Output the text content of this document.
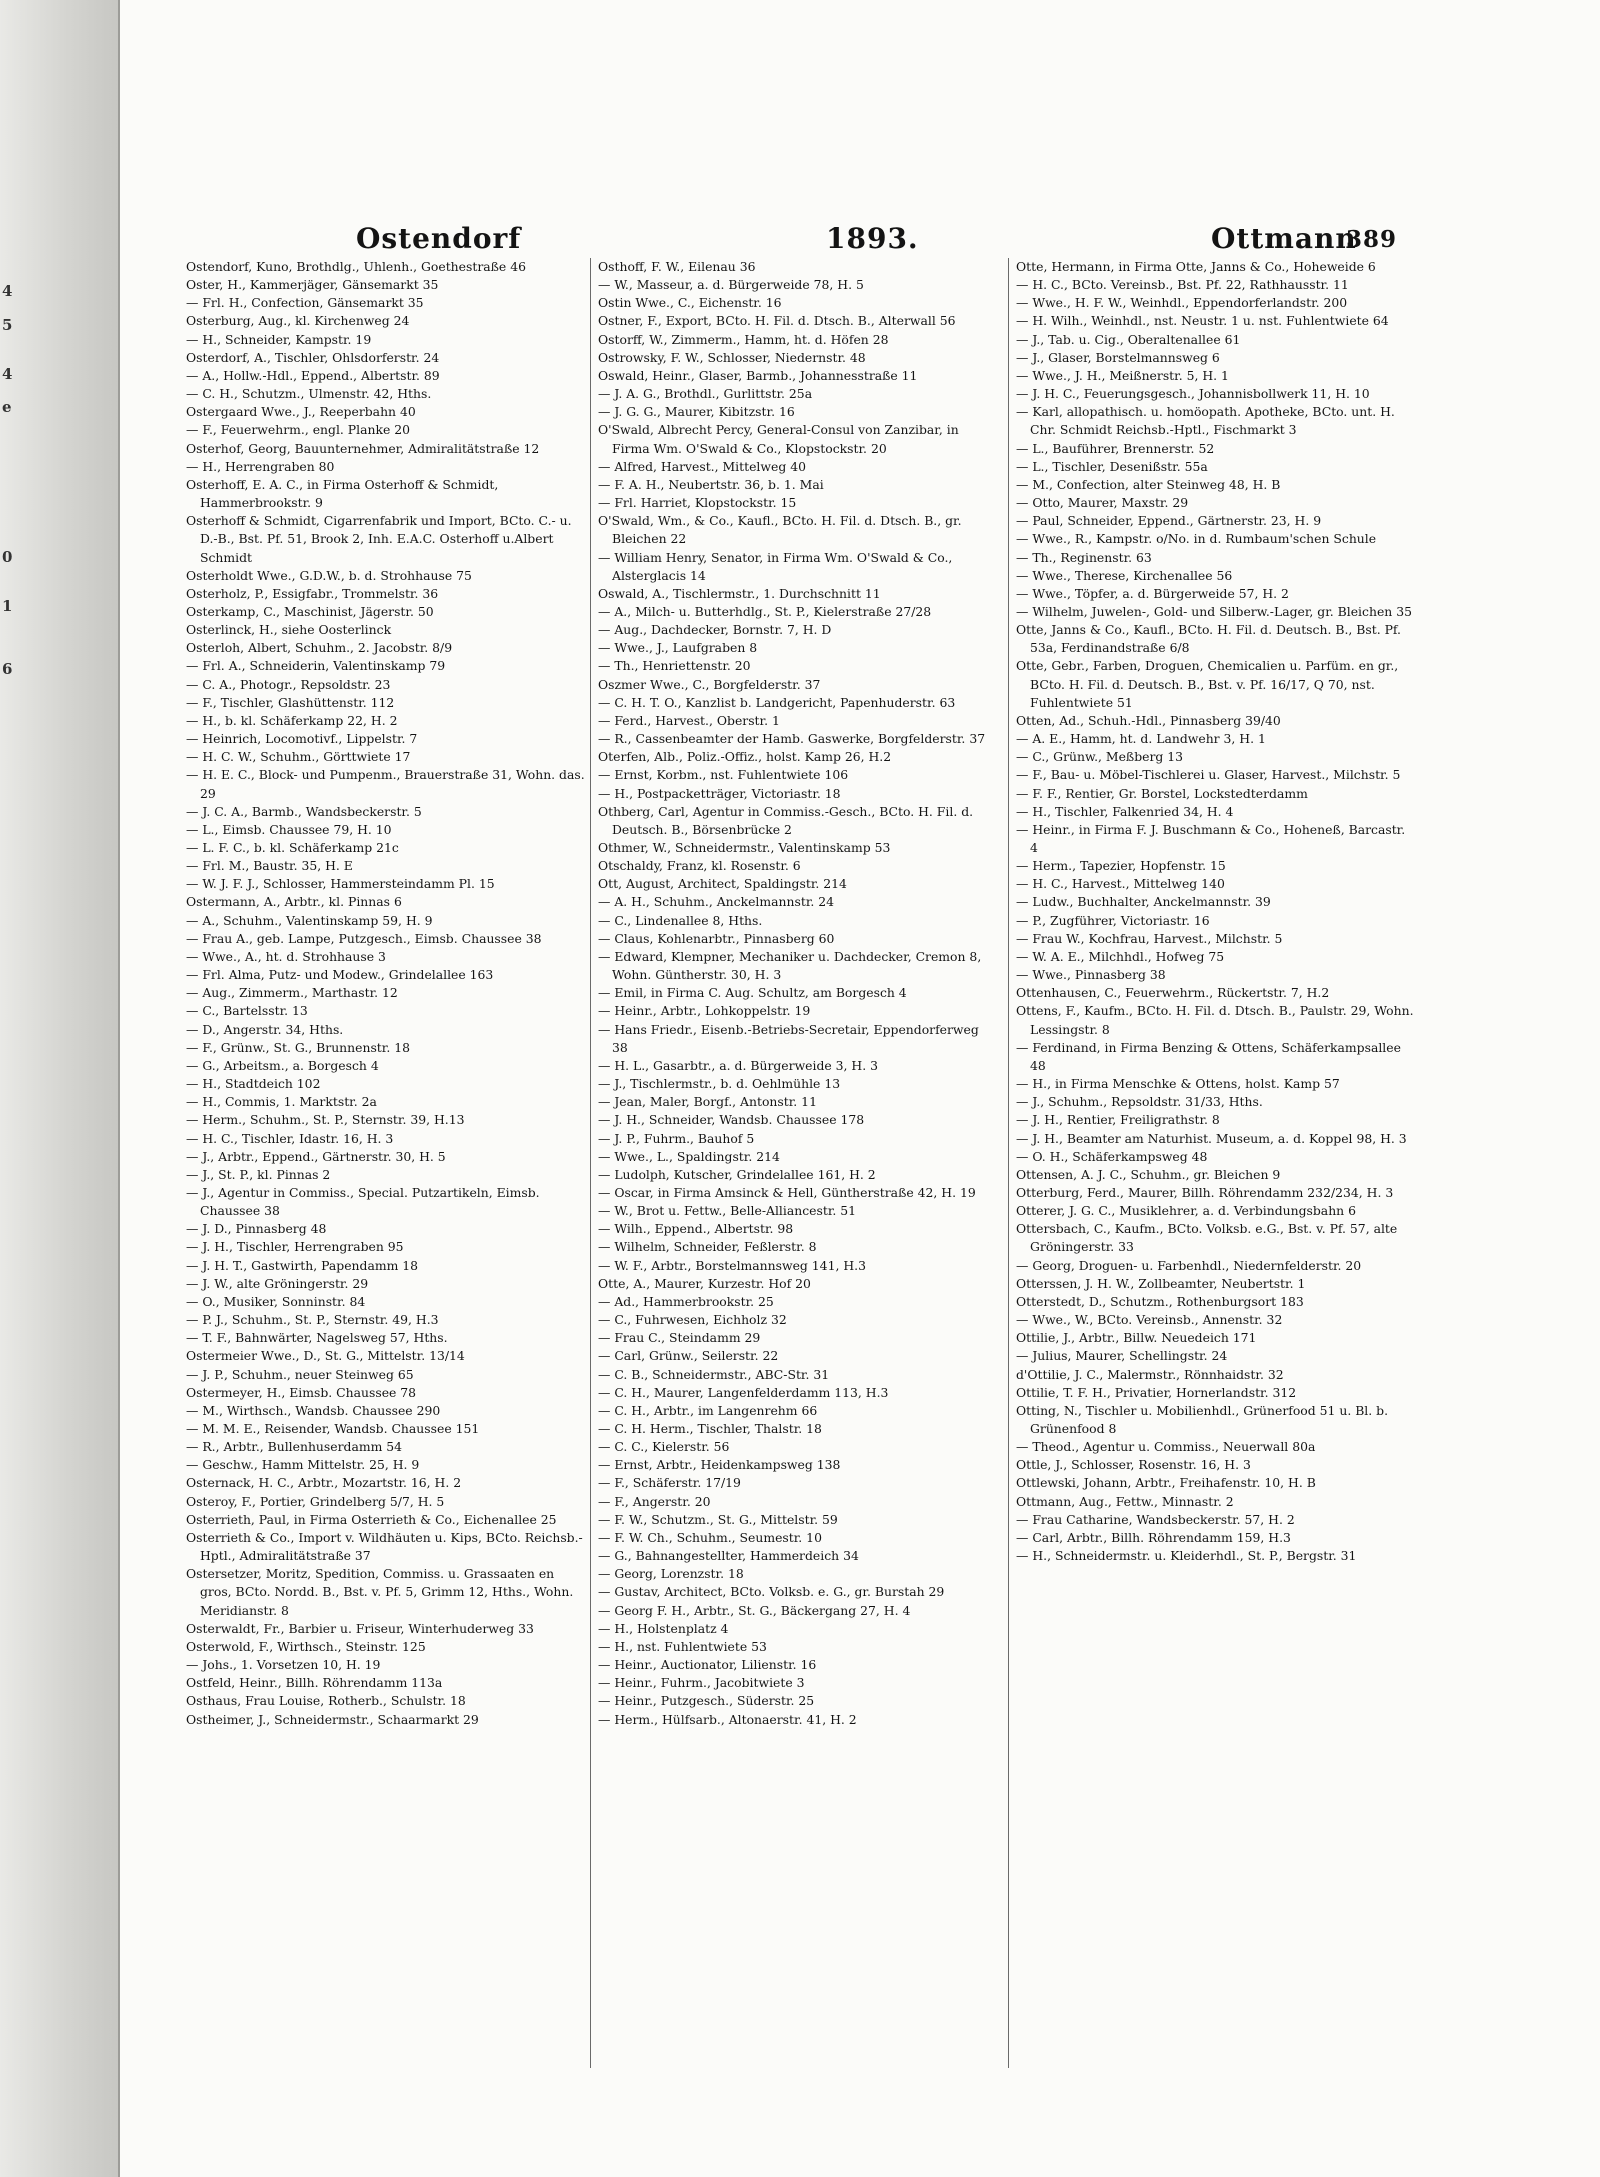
4
5
4
e
0
1
6
Ostendorf	1893.	Ottmann
389
Ostendorf, Kuno, Brothdlg., Uhlenh., Goethestraße 46
Oster, H., Kammerjäger, Gänsemarkt 35
— Frl. H., Confection, Gänsemarkt 35
Osterburg, Aug., kl. Kirchenweg 24
— H., Schneider, Kampstr. 19
Osterdorf, A., Tischler, Ohlsdorferstr. 24
— A., Hollw.-Hdl., Eppend., Albertstr. 89
— C. H., Schutzm., Ulmenstr. 42, Hths.
Ostergaard Wwe., J., Reeperbahn 40
— F., Feuerwehrm., engl. Planke 20
Osterhof, Georg, Bauunternehmer, Admiralitätstraße 12
— H., Herrengraben 80
Osterhoff, E. A. C., in Firma Osterhoff & Schmidt, Hammerbrookstr. 9
Osterhoff & Schmidt, Cigarrenfabrik und Import, BCto. C.- u. D.-B., Bst. Pf. 51, Brook 2, Inh. E.A.C. Osterhoff u.Albert Schmidt
Osterholdt Wwe., G.D.W., b. d. Strohhause 75
Osterholz, P., Essigfabr., Trommelstr. 36
Osterkamp, C., Maschinist, Jägerstr. 50
Osterlinck, H., siehe Oosterlinck
Osterloh, Albert, Schuhm., 2. Jacobstr. 8/9
— Frl. A., Schneiderin, Valentinskamp 79
— C. A., Photogr., Repsoldstr. 23
— F., Tischler, Glashüttenstr. 112
— H., b. kl. Schäferkamp 22, H. 2
— Heinrich, Locomotivf., Lippelstr. 7
— H. C. W., Schuhm., Görttwiete 17
— H. E. C., Block- und Pumpenm., Brauerstraße 31, Wohn. das. 29
— J. C. A., Barmb., Wandsbeckerstr. 5
— L., Eimsb. Chaussee 79, H. 10
— L. F. C., b. kl. Schäferkamp 21c
— Frl. M., Baustr. 35, H. E
— W. J. F. J., Schlosser, Hammersteindamm Pl. 15
Ostermann, A., Arbtr., kl. Pinnas 6
— A., Schuhm., Valentinskamp 59, H. 9
— Frau A., geb. Lampe, Putzgesch., Eimsb. Chaussee 38
— Wwe., A., ht. d. Strohhause 3
— Frl. Alma, Putz- und Modew., Grindelallee 163
— Aug., Zimmerm., Marthastr. 12
— C., Bartelsstr. 13
— D., Angerstr. 34, Hths.
— F., Grünw., St. G., Brunnenstr. 18
— G., Arbeitsm., a. Borgesch 4
— H., Stadtdeich 102
— H., Commis, 1. Marktstr. 2a
— Herm., Schuhm., St. P., Sternstr. 39, H.13
— H. C., Tischler, Idastr. 16, H. 3
— J., Arbtr., Eppend., Gärtnerstr. 30, H. 5
— J., St. P., kl. Pinnas 2
— J., Agentur in Commiss., Special. Putzartikeln, Eimsb. Chaussee 38
— J. D., Pinnasberg 48
— J. H., Tischler, Herrengraben 95
— J. H. T., Gastwirth, Papendamm 18
— J. W., alte Gröningerstr. 29
— O., Musiker, Sonninstr. 84
— P. J., Schuhm., St. P., Sternstr. 49, H.3
— T. F., Bahnwärter, Nagelsweg 57, Hths.
Ostermeier Wwe., D., St. G., Mittelstr. 13/14
— J. P., Schuhm., neuer Steinweg 65
Ostermeyer, H., Eimsb. Chaussee 78
— M., Wirthsch., Wandsb. Chaussee 290
— M. M. E., Reisender, Wandsb. Chaussee 151
— R., Arbtr., Bullenhuserdamm 54
— Geschw., Hamm Mittelstr. 25, H. 9
Osternack, H. C., Arbtr., Mozartstr. 16, H. 2
Osteroy, F., Portier, Grindelberg 5/7, H. 5
Osterrieth, Paul, in Firma Osterrieth & Co., Eichenallee 25
Osterrieth & Co., Import v. Wildhäuten u. Kips, BCto. Reichsb.-Hptl., Admiralitätstraße 37
Ostersetzer, Moritz, Spedition, Commiss. u. Grassaaten en gros, BCto. Nordd. B., Bst. v. Pf. 5, Grimm 12, Hths., Wohn. Meridianstr. 8
Osterwaldt, Fr., Barbier u. Friseur, Winterhuderweg 33
Osterwold, F., Wirthsch., Steinstr. 125
— Johs., 1. Vorsetzen 10, H. 19
Ostfeld, Heinr., Billh. Röhrendamm 113a
Osthaus, Frau Louise, Rotherb., Schulstr. 18
Ostheimer, J., Schneidermstr., Schaarmarkt 29
Osthoff, F. W., Eilenau 36
— W., Masseur, a. d. Bürgerweide 78, H. 5
Ostin Wwe., C., Eichenstr. 16
Ostner, F., Export, BCto. H. Fil. d. Dtsch. B., Alterwall 56
Ostorff, W., Zimmerm., Hamm, ht. d. Höfen 28
Ostrowsky, F. W., Schlosser, Niedernstr. 48
Oswald, Heinr., Glaser, Barmb., Johannesstraße 11
— J. A. G., Brothdl., Gurlittstr. 25a
— J. G. G., Maurer, Kibitzstr. 16
O'Swald, Albrecht Percy, General-Consul von Zanzibar, in Firma Wm. O'Swald & Co., Klopstockstr. 20
— Alfred, Harvest., Mittelweg 40
— F. A. H., Neubertstr. 36, b. 1. Mai
— Frl. Harriet, Klopstockstr. 15
O'Swald, Wm., & Co., Kaufl., BCto. H. Fil. d. Dtsch. B., gr. Bleichen 22
— William Henry, Senator, in Firma Wm. O'Swald & Co., Alsterglacis 14
Oswald, A., Tischlermstr., 1. Durchschnitt 11
— A., Milch- u. Butterhdlg., St. P., Kielerstraße 27/28
— Aug., Dachdecker, Bornstr. 7, H. D
— Wwe., J., Laufgraben 8
— Th., Henriettenstr. 20
Oszmer Wwe., C., Borgfelderstr. 37
— C. H. T. O., Kanzlist b. Landgericht, Papenhuderstr. 63
— Ferd., Harvest., Oberstr. 1
— R., Cassenbeamter der Hamb. Gaswerke, Borgfelderstr. 37
Oterfen, Alb., Poliz.-Offiz., holst. Kamp 26, H.2
— Ernst, Korbm., nst. Fuhlentwiete 106
— H., Postpacketträger, Victoriastr. 18
Othberg, Carl, Agentur in Commiss.-Gesch., BCto. H. Fil. d. Deutsch. B., Börsenbrücke 2
Othmer, W., Schneidermstr., Valentinskamp 53
Otschaldy, Franz, kl. Rosenstr. 6
Ott, August, Architect, Spaldingstr. 214
— A. H., Schuhm., Anckelmannstr. 24
— C., Lindenallee 8, Hths.
— Claus, Kohlenarbtr., Pinnasberg 60
— Edward, Klempner, Mechaniker u. Dachdecker, Cremon 8, Wohn. Güntherstr. 30, H. 3
— Emil, in Firma C. Aug. Schultz, am Borgesch 4
— Heinr., Arbtr., Lohkoppelstr. 19
— Hans Friedr., Eisenb.-Betriebs-Secretair, Eppendorferweg 38
— H. L., Gasarbtr., a. d. Bürgerweide 3, H. 3
— J., Tischlermstr., b. d. Oehlmühle 13
— Jean, Maler, Borgf., Antonstr. 11
— J. H., Schneider, Wandsb. Chaussee 178
— J. P., Fuhrm., Bauhof 5
— Wwe., L., Spaldingstr. 214
— Ludolph, Kutscher, Grindelallee 161, H. 2
— Oscar, in Firma Amsinck & Hell, Güntherstraße 42, H. 19
— W., Brot u. Fettw., Belle-Alliancestr. 51
— Wilh., Eppend., Albertstr. 98
— Wilhelm, Schneider, Feßlerstr. 8
— W. F., Arbtr., Borstelmannsweg 141, H.3
Otte, A., Maurer, Kurzestr. Hof 20
— Ad., Hammerbrookstr. 25
— C., Fuhrwesen, Eichholz 32
— Frau C., Steindamm 29
— Carl, Grünw., Seilerstr. 22
— C. B., Schneidermstr., ABC-Str. 31
— C. H., Maurer, Langenfelderdamm 113, H.3
— C. H., Arbtr., im Langenrehm 66
— C. H. Herm., Tischler, Thalstr. 18
— C. C., Kielerstr. 56
— Ernst, Arbtr., Heidenkampsweg 138
— F., Schäferstr. 17/19
— F., Angerstr. 20
— F. W., Schutzm., St. G., Mittelstr. 59
— F. W. Ch., Schuhm., Seumestr. 10
— G., Bahnangestellter, Hammerdeich 34
— Georg, Lorenzstr. 18
— Gustav, Architect, BCto. Volksb. e. G., gr. Burstah 29
— Georg F. H., Arbtr., St. G., Bäckergang 27, H. 4
— H., Holstenplatz 4
— H., nst. Fuhlentwiete 53
— Heinr., Auctionator, Lilienstr. 16
— Heinr., Fuhrm., Jacobitwiete 3
— Heinr., Putzgesch., Süderstr. 25
— Herm., Hülfsarb., Altonaerstr. 41, H. 2
Otte, Hermann, in Firma Otte, Janns & Co., Hoheweide 6
— H. C., BCto. Vereinsb., Bst. Pf. 22, Rathhausstr. 11
— Wwe., H. F. W., Weinhdl., Eppendorferlandstr. 200
— H. Wilh., Weinhdl., nst. Neustr. 1 u. nst. Fuhlentwiete 64
— J., Tab. u. Cig., Oberaltenallee 61
— J., Glaser, Borstelmannsweg 6
— Wwe., J. H., Meißnerstr. 5, H. 1
— J. H. C., Feuerungsgesch., Johannisbollwerk 11, H. 10
— Karl, allopathisch. u. homöopath. Apotheke, BCto. unt. H. Chr. Schmidt Reichsb.-Hptl., Fischmarkt 3
— L., Bauführer, Brennerstr. 52
— L., Tischler, Desenißstr. 55a
— M., Confection, alter Steinweg 48, H. B
— Otto, Maurer, Maxstr. 29
— Paul, Schneider, Eppend., Gärtnerstr. 23, H. 9
— Wwe., R., Kampstr. o/No. in d. Rumbaum'schen Schule
— Th., Reginenstr. 63
— Wwe., Therese, Kirchenallee 56
— Wwe., Töpfer, a. d. Bürgerweide 57, H. 2
— Wilhelm, Juwelen-, Gold- und Silberw.-Lager, gr. Bleichen 35
Otte, Janns & Co., Kaufl., BCto. H. Fil. d. Deutsch. B., Bst. Pf. 53a, Ferdinandstraße 6/8
Otte, Gebr., Farben, Droguen, Chemicalien u. Parfüm. en gr., BCto. H. Fil. d. Deutsch. B., Bst. v. Pf. 16/17, Q 70, nst. Fuhlentwiete 51
Otten, Ad., Schuh.-Hdl., Pinnasberg 39/40
— A. E., Hamm, ht. d. Landwehr 3, H. 1
— C., Grünw., Meßberg 13
— F., Bau- u. Möbel-Tischlerei u. Glaser, Harvest., Milchstr. 5
— F. F., Rentier, Gr. Borstel, Lockstedterdamm
— H., Tischler, Falkenried 34, H. 4
— Heinr., in Firma F. J. Buschmann & Co., Hoheneß, Barcastr. 4
— Herm., Tapezier, Hopfenstr. 15
— H. C., Harvest., Mittelweg 140
— Ludw., Buchhalter, Anckelmannstr. 39
— P., Zugführer, Victoriastr. 16
— Frau W., Kochfrau, Harvest., Milchstr. 5
— W. A. E., Milchhdl., Hofweg 75
— Wwe., Pinnasberg 38
Ottenhausen, C., Feuerwehrm., Rückertstr. 7, H.2
Ottens, F., Kaufm., BCto. H. Fil. d. Dtsch. B., Paulstr. 29, Wohn. Lessingstr. 8
— Ferdinand, in Firma Benzing & Ottens, Schäferkampsallee 48
— H., in Firma Menschke & Ottens, holst. Kamp 57
— J., Schuhm., Repsoldstr. 31/33, Hths.
— J. H., Rentier, Freiligrathstr. 8
— J. H., Beamter am Naturhist. Museum, a. d. Koppel 98, H. 3
— O. H., Schäferkampsweg 48
Ottensen, A. J. C., Schuhm., gr. Bleichen 9
Otterburg, Ferd., Maurer, Billh. Röhrendamm 232/234, H. 3
Otterer, J. G. C., Musiklehrer, a. d. Verbindungsbahn 6
Ottersbach, C., Kaufm., BCto. Volksb. e.G., Bst. v. Pf. 57, alte Gröningerstr. 33
— Georg, Droguen- u. Farbenhdl., Niedernfelderstr. 20
Otterssen, J. H. W., Zollbeamter, Neubertstr. 1
Otterstedt, D., Schutzm., Rothenburgsort 183
— Wwe., W., BCto. Vereinsb., Annenstr. 32
Ottilie, J., Arbtr., Billw. Neuedeich 171
— Julius, Maurer, Schellingstr. 24
d'Ottilie, J. C., Malermstr., Rönnhaidstr. 32
Ottilie, T. F. H., Privatier, Hornerlandstr. 312
Otting, N., Tischler u. Mobilienhdl., Grünerfood 51 u. Bl. b. Grünenfood 8
— Theod., Agentur u. Commiss., Neuerwall 80a
Ottle, J., Schlosser, Rosenstr. 16, H. 3
Ottlewski, Johann, Arbtr., Freihafenstr. 10, H. B
Ottmann, Aug., Fettw., Minnastr. 2
— Frau Catharine, Wandsbeckerstr. 57, H. 2
— Carl, Arbtr., Billh. Röhrendamm 159, H.3
— H., Schneidermstr. u. Kleiderhdl., St. P., Bergstr. 31
